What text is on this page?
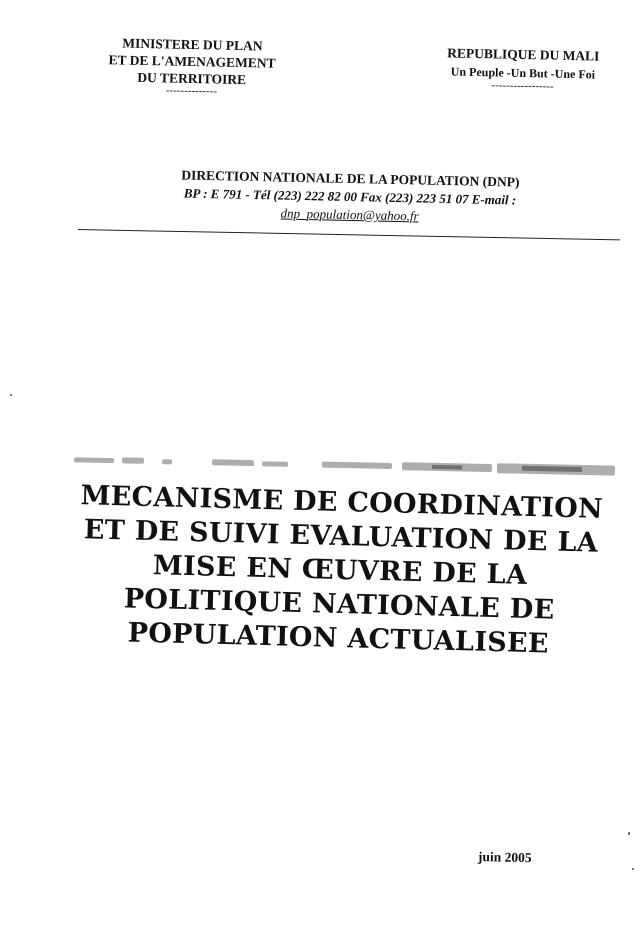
MINISTERE DU PLAN
ET DE L'AMENAGEMENT
DU TERRITOIRE
--------------
REPUBLIQUE DU MALI
Un Peuple -Un But -Une Foi
-----------------
DIRECTION NATIONALE DE LA POPULATION (DNP)
BP : E 791 - Tél (223) 222 82 00 Fax (223) 223 51 07 E-mail :
dnp_population@yahoo.fr
MECANISME DE COORDINATION
ET DE SUIVI EVALUATION DE LA
MISE EN ŒUVRE DE LA
POLITIQUE NATIONALE DE
POPULATION ACTUALISEE
juin 2005
